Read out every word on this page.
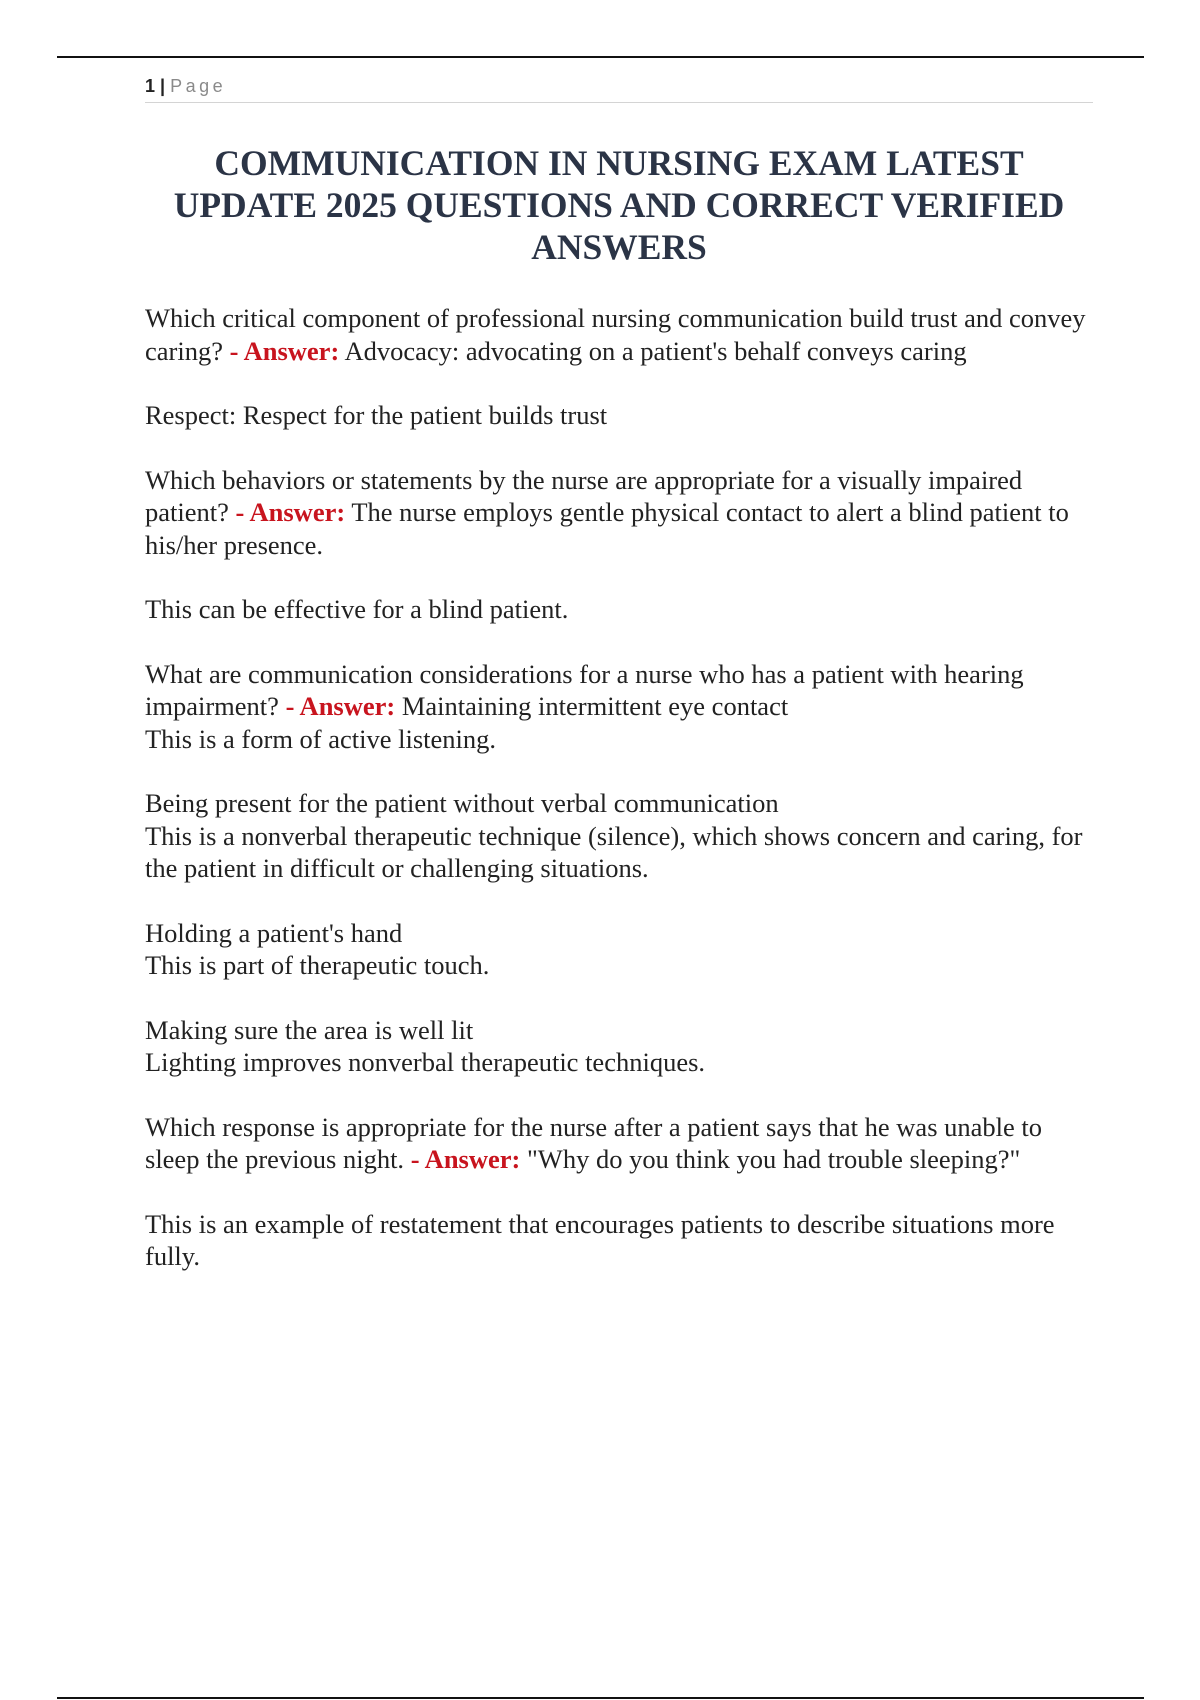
1 | Page
COMMUNICATION IN NURSING EXAM LATEST UPDATE 2025 QUESTIONS AND CORRECT VERIFIED ANSWERS

Which critical component of professional nursing communication build trust and convey caring? - Answer: Advocacy: advocating on a patient's behalf conveys caring

Respect: Respect for the patient builds trust

Which behaviors or statements by the nurse are appropriate for a visually impaired patient? - Answer: The nurse employs gentle physical contact to alert a blind patient to his/her presence.

This can be effective for a blind patient.

What are communication considerations for a nurse who has a patient with hearing impairment? - Answer: Maintaining intermittent eye contact
This is a form of active listening.

Being present for the patient without verbal communication
This is a nonverbal therapeutic technique (silence), which shows concern and caring, for the patient in difficult or challenging situations.

Holding a patient's hand
This is part of therapeutic touch.

Making sure the area is well lit
Lighting improves nonverbal therapeutic techniques.

Which response is appropriate for the nurse after a patient says that he was unable to sleep the previous night. - Answer: "Why do you think you had trouble sleeping?"

This is an example of restatement that encourages patients to describe situations more fully.
